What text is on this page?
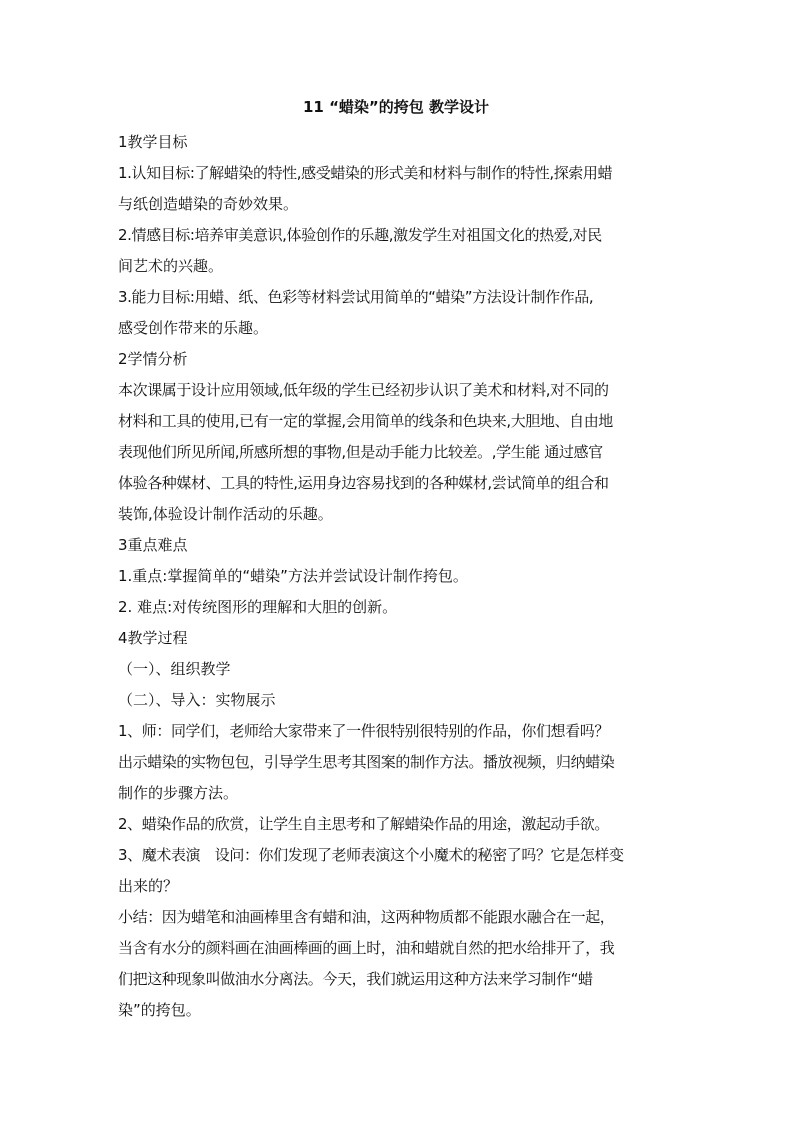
11 “蜡染”的挎包 教学设计

1教学目标

1.认知目标:了解蜡染的特性,感受蜡染的形式美和材料与制作的特性,探索用蜡

与纸创造蜡染的奇妙效果。

2.情感目标:培养审美意识,体验创作的乐趣,激发学生对祖国文化的热爱,对民

间艺术的兴趣。

3.能力目标:用蜡、纸、色彩等材料尝试用简单的“蜡染”方法设计制作作品,

感受创作带来的乐趣。

2学情分析

本次课属于设计应用领域,低年级的学生已经初步认识了美术和材料,对不同的

材料和工具的使用,已有一定的掌握,会用简单的线条和色块来,大胆地、自由地

表现他们所见所闻,所感所想的事物,但是动手能力比较差。,学生能 通过感官

体验各种媒材、工具的特性,运用身边容易找到的各种媒材,尝试简单的组合和

装饰,体验设计制作活动的乐趣。

3重点难点

1.重点:掌握简单的“蜡染”方法并尝试设计制作挎包。

2. 难点:对传统图形的理解和大胆的创新。

4教学过程

（一）、组织教学

（二）、导入：实物展示

1、师：同学们，老师给大家带来了一件很特别很特别的作品，你们想看吗？

出示蜡染的实物包包，引导学生思考其图案的制作方法。播放视频，归纳蜡染

制作的步骤方法。

2、蜡染作品的欣赏，让学生自主思考和了解蜡染作品的用途，激起动手欲。

3、魔术表演　设问：你们发现了老师表演这个小魔术的秘密了吗？它是怎样变

出来的？

小结：因为蜡笔和油画棒里含有蜡和油，这两种物质都不能跟水融合在一起，

当含有水分的颜料画在油画棒画的画上时，油和蜡就自然的把水给排开了，我

们把这种现象叫做油水分离法。今天，我们就运用这种方法来学习制作“蜡

染”的挎包。
